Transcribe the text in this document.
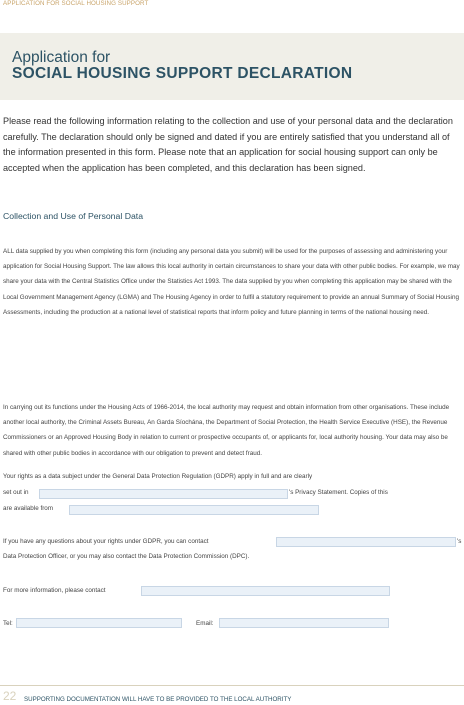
APPLICATION FOR SOCIAL HOUSING SUPPORT
Application for
SOCIAL HOUSING SUPPORT DECLARATION
Please read the following information relating to the collection and use of your personal data and the declaration carefully. The declaration should only be signed and dated if you are entirely satisfied that you understand all of the information presented in this form. Please note that an application for social housing support can only be accepted when the application has been completed, and this declaration has been signed.
Collection and Use of Personal Data
ALL data supplied by you when completing this form (including any personal data you submit) will be used for the purposes of assessing and administering your application for Social Housing Support. The law allows this local authority in certain circumstances to share your data with other public bodies. For example, we may share your data with the Central Statistics Office under the Statistics Act 1993. The data supplied by you when completing this application may be shared with the Local Government Management Agency (LGMA) and The Housing Agency in order to fulfil a statutory requirement to provide an annual Summary of Social Housing Assessments, including the production at a national level of statistical reports that inform policy and future planning in terms of the national housing need.
In carrying out its functions under the Housing Acts of 1966-2014, the local authority may request and obtain information from other organisations. These include another local authority, the Criminal Assets Bureau, An Garda Síochána, the Department of Social Protection, the Health Service Executive (HSE), the Revenue Commissioners or an Approved Housing Body in relation to current or prospective occupants of, or applicants for, local authority housing. Your data may also be shared with other public bodies in accordance with our obligation to prevent and detect fraud.
Your rights as a data subject under the General Data Protection Regulation (GDPR) apply in full and are clearly
set out in	's Privacy Statement. Copies of this
are available from
If you have any questions about your rights under GDPR, you can contact	's
Data Protection Officer, or you may also contact the Data Protection Commission (DPC).
For more information, please contact
Tel:	Email:
22 SUPPORTING DOCUMENTATION WILL HAVE TO BE PROVIDED TO THE LOCAL AUTHORITY
